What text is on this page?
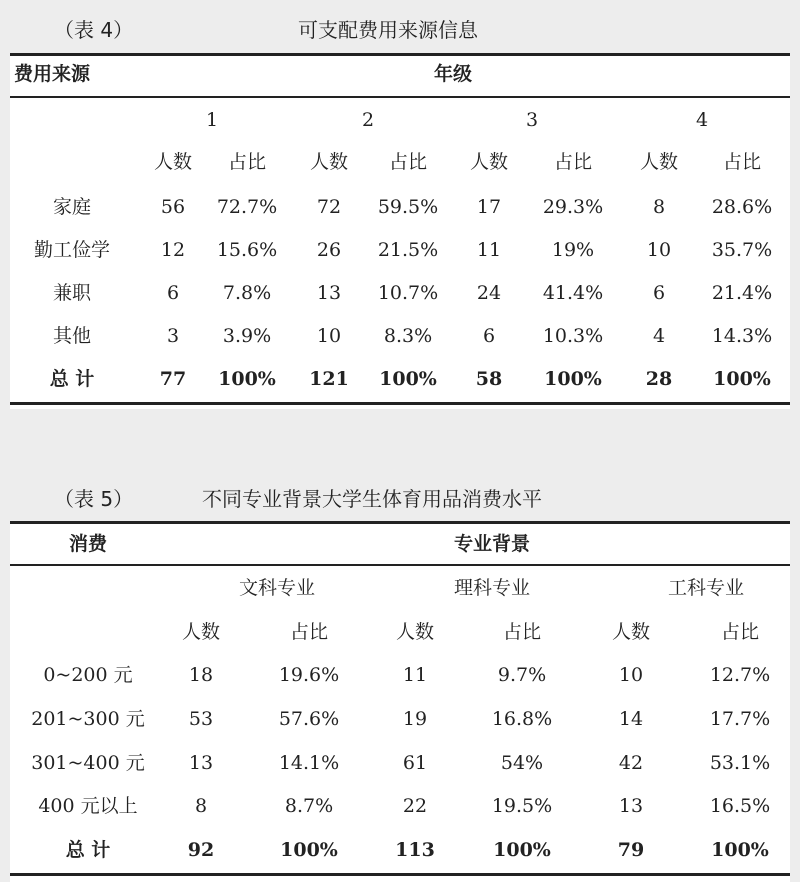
（表 4）	可支配费用来源信息
费用来源	年级
1	2	3	4
人数 占比 人数 占比 人数 占比	人数 占比
家庭	56 72.7% 72 59.5% 17 29.3%	8 28.6%
勤工俭学	12 15.6% 26 21.5% 11	19%	10 35.7%
兼职	6 7.8% 13 10.7% 24 41.4%	6 21.4%
其他	3 3.9% 10 8.3%	6	10.3%	4 14.3%
总 计	77 100% 121 100% 58 100% 28 100%
（表 5）	不同专业背景大学生体育用品消费水平
消费	专业背景
文科专业	理科专业	工科专业
人数	占比	人数	占比	人数	占比
0~200 元	18	19.6%	11	9.7%	10	12.7%
201~300 元 53	57.6%	19	16.8%	14	17.7%
301~400 元 13	14.1%	61	54%	42	53.1%
400 元以上	8	8.7%	22	19.5%	13	16.5%
总 计	92	100%	113	100%	79	100%
